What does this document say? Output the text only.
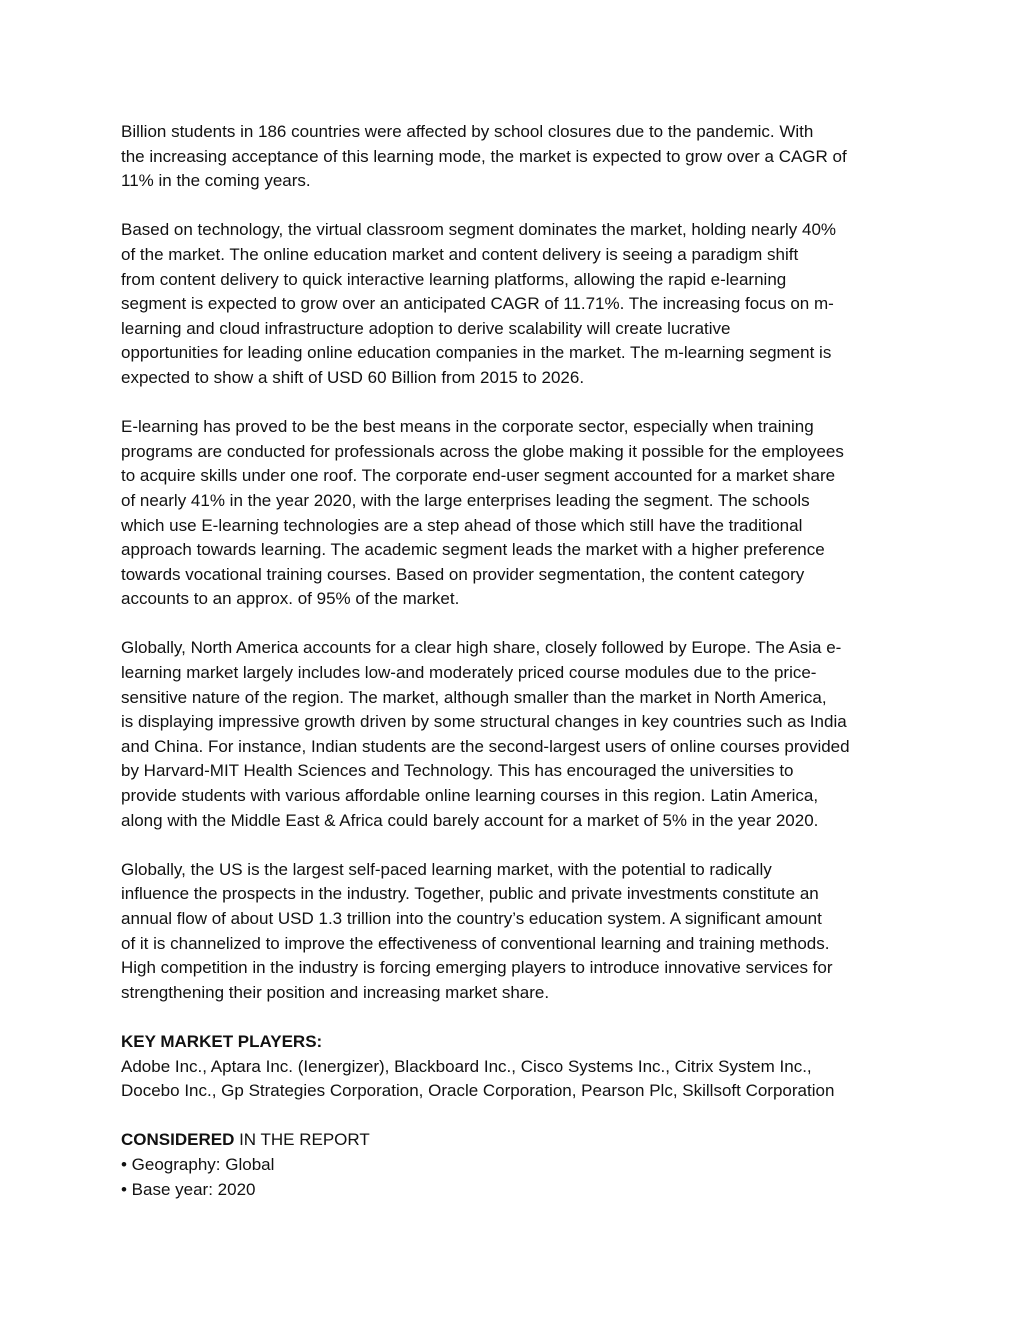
Billion students in 186 countries were affected by school closures due to the pandemic. With
the increasing acceptance of this learning mode, the market is expected to grow over a CAGR of
11% in the coming years.
Based on technology, the virtual classroom segment dominates the market, holding nearly 40%
of the market. The online education market and content delivery is seeing a paradigm shift
from content delivery to quick interactive learning platforms, allowing the rapid e-learning
segment is expected to grow over an anticipated CAGR of 11.71%. The increasing focus on m-
learning and cloud infrastructure adoption to derive scalability will create lucrative
opportunities for leading online education companies in the market. The m-learning segment is
expected to show a shift of USD 60 Billion from 2015 to 2026.
E-learning has proved to be the best means in the corporate sector, especially when training
programs are conducted for professionals across the globe making it possible for the employees
to acquire skills under one roof. The corporate end-user segment accounted for a market share
of nearly 41% in the year 2020, with the large enterprises leading the segment. The schools
which use E-learning technologies are a step ahead of those which still have the traditional
approach towards learning. The academic segment leads the market with a higher preference
towards vocational training courses. Based on provider segmentation, the content category
accounts to an approx. of 95% of the market.
Globally, North America accounts for a clear high share, closely followed by Europe. The Asia e-
learning market largely includes low-and moderately priced course modules due to the price-
sensitive nature of the region. The market, although smaller than the market in North America,
is displaying impressive growth driven by some structural changes in key countries such as India
and China. For instance, Indian students are the second-largest users of online courses provided
by Harvard-MIT Health Sciences and Technology. This has encouraged the universities to
provide students with various affordable online learning courses in this region. Latin America,
along with the Middle East & Africa could barely account for a market of 5% in the year 2020.
Globally, the US is the largest self-paced learning market, with the potential to radically
influence the prospects in the industry. Together, public and private investments constitute an
annual flow of about USD 1.3 trillion into the country’s education system. A significant amount
of it is channelized to improve the effectiveness of conventional learning and training methods.
High competition in the industry is forcing emerging players to introduce innovative services for
strengthening their position and increasing market share.
KEY MARKET PLAYERS:
Adobe Inc., Aptara Inc. (Ienergizer), Blackboard Inc., Cisco Systems Inc., Citrix System Inc.,
Docebo Inc., Gp Strategies Corporation, Oracle Corporation, Pearson Plc, Skillsoft Corporation
CONSIDERED IN THE REPORT
• Geography: Global
• Base year: 2020
